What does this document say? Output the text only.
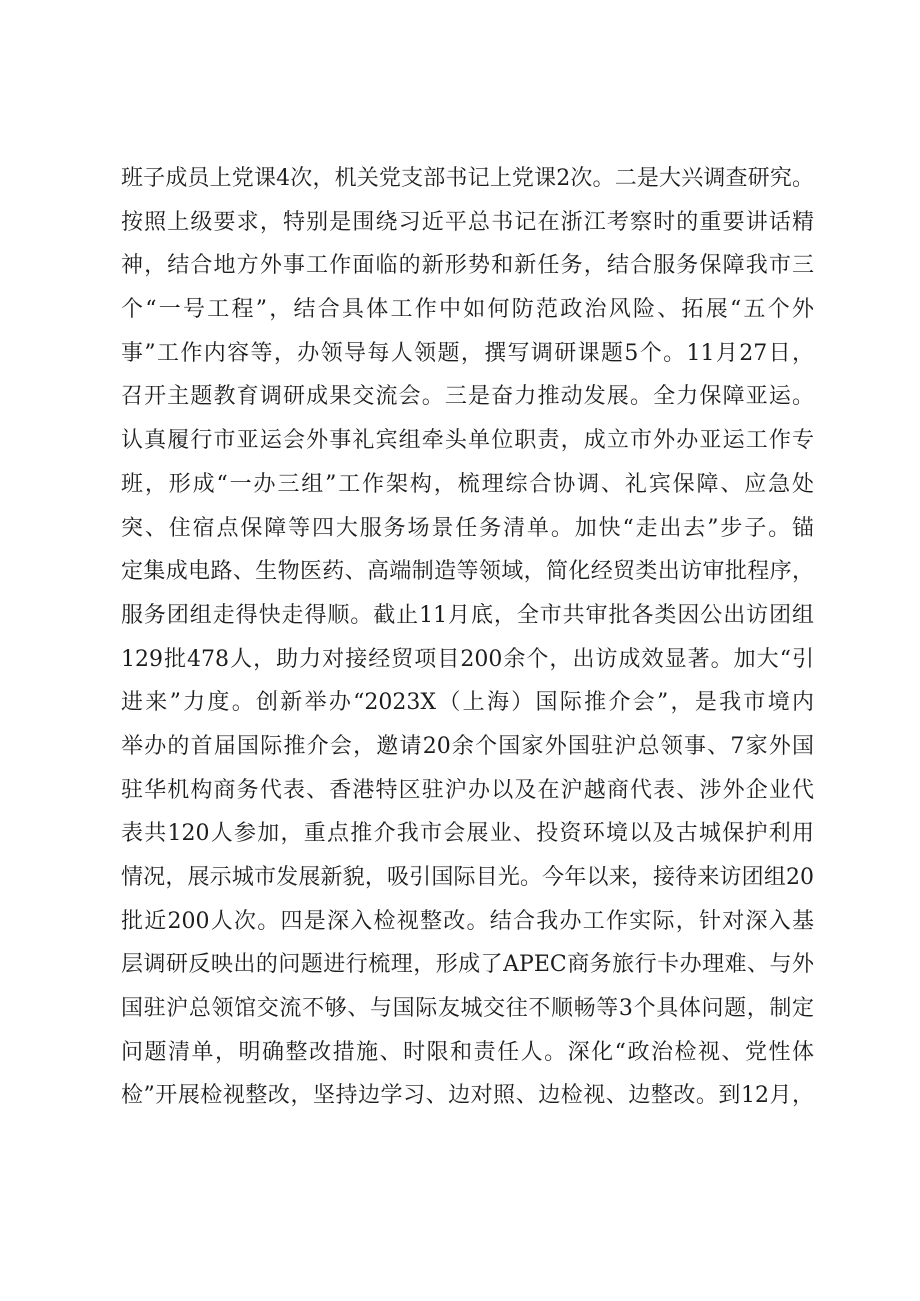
班子成员上党课4次，机关党支部书记上党课2次。二是大兴调查研究。
按照上级要求，特别是围绕习近平总书记在浙江考察时的重要讲话精
神，结合地方外事工作面临的新形势和新任务，结合服务保障我市三
个“一号工程”，结合具体工作中如何防范政治风险、拓展“五个外
事”工作内容等，办领导每人领题，撰写调研课题5个。11月27日，
召开主题教育调研成果交流会。三是奋力推动发展。全力保障亚运。
认真履行市亚运会外事礼宾组牵头单位职责，成立市外办亚运工作专
班，形成“一办三组”工作架构，梳理综合协调、礼宾保障、应急处
突、住宿点保障等四大服务场景任务清单。加快“走出去”步子。锚
定集成电路、生物医药、高端制造等领域，简化经贸类出访审批程序，
服务团组走得快走得顺。截止11月底，全市共审批各类因公出访团组
129批478人，助力对接经贸项目200余个，出访成效显著。加大“引
进来”力度。创新举办“2023X（上海）国际推介会”，是我市境内
举办的首届国际推介会，邀请20余个国家外国驻沪总领事、7家外国
驻华机构商务代表、香港特区驻沪办以及在沪越商代表、涉外企业代
表共120人参加，重点推介我市会展业、投资环境以及古城保护利用
情况，展示城市发展新貌，吸引国际目光。今年以来，接待来访团组20
批近200人次。四是深入检视整改。结合我办工作实际，针对深入基
层调研反映出的问题进行梳理，形成了APEC商务旅行卡办理难、与外
国驻沪总领馆交流不够、与国际友城交往不顺畅等3个具体问题，制定
问题清单，明确整改措施、时限和责任人。深化“政治检视、党性体
检”开展检视整改，坚持边学习、边对照、边检视、边整改。到12月，
